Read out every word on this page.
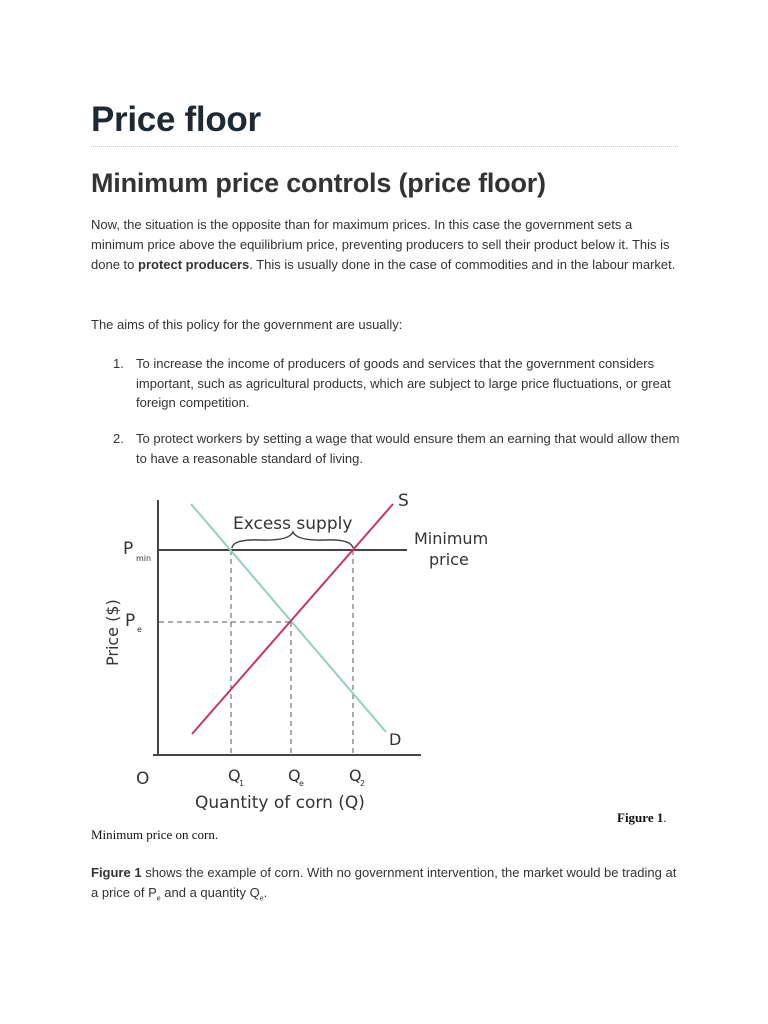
Price floor
Minimum price controls (price floor)

Now, the situation is the opposite than for maximum prices. In this case the government sets a minimum price above the equilibrium price, preventing producers to sell their product below it. This is done to protect producers. This is usually done in the case of commodities and in the labour market.

The aims of this policy for the government are usually:

1. To increase the income of producers of goods and services that the government considers important, such as agricultural products, which are subject to large price fluctuations, or great foreign competition.
2. To protect workers by setting a wage that would ensure them an earning that would allow them to have a reasonable standard of living.
Excess supply
Minimum
price
S
D
P min
P e
Price ($)
O	Q
1	Q
e	Q
2
Quantity of corn (Q)
Figure 1.
Minimum price on corn.

Figure 1 shows the example of corn. With no government intervention, the market would be trading at a price of $P_e$ and a quantity $Q_e$.
